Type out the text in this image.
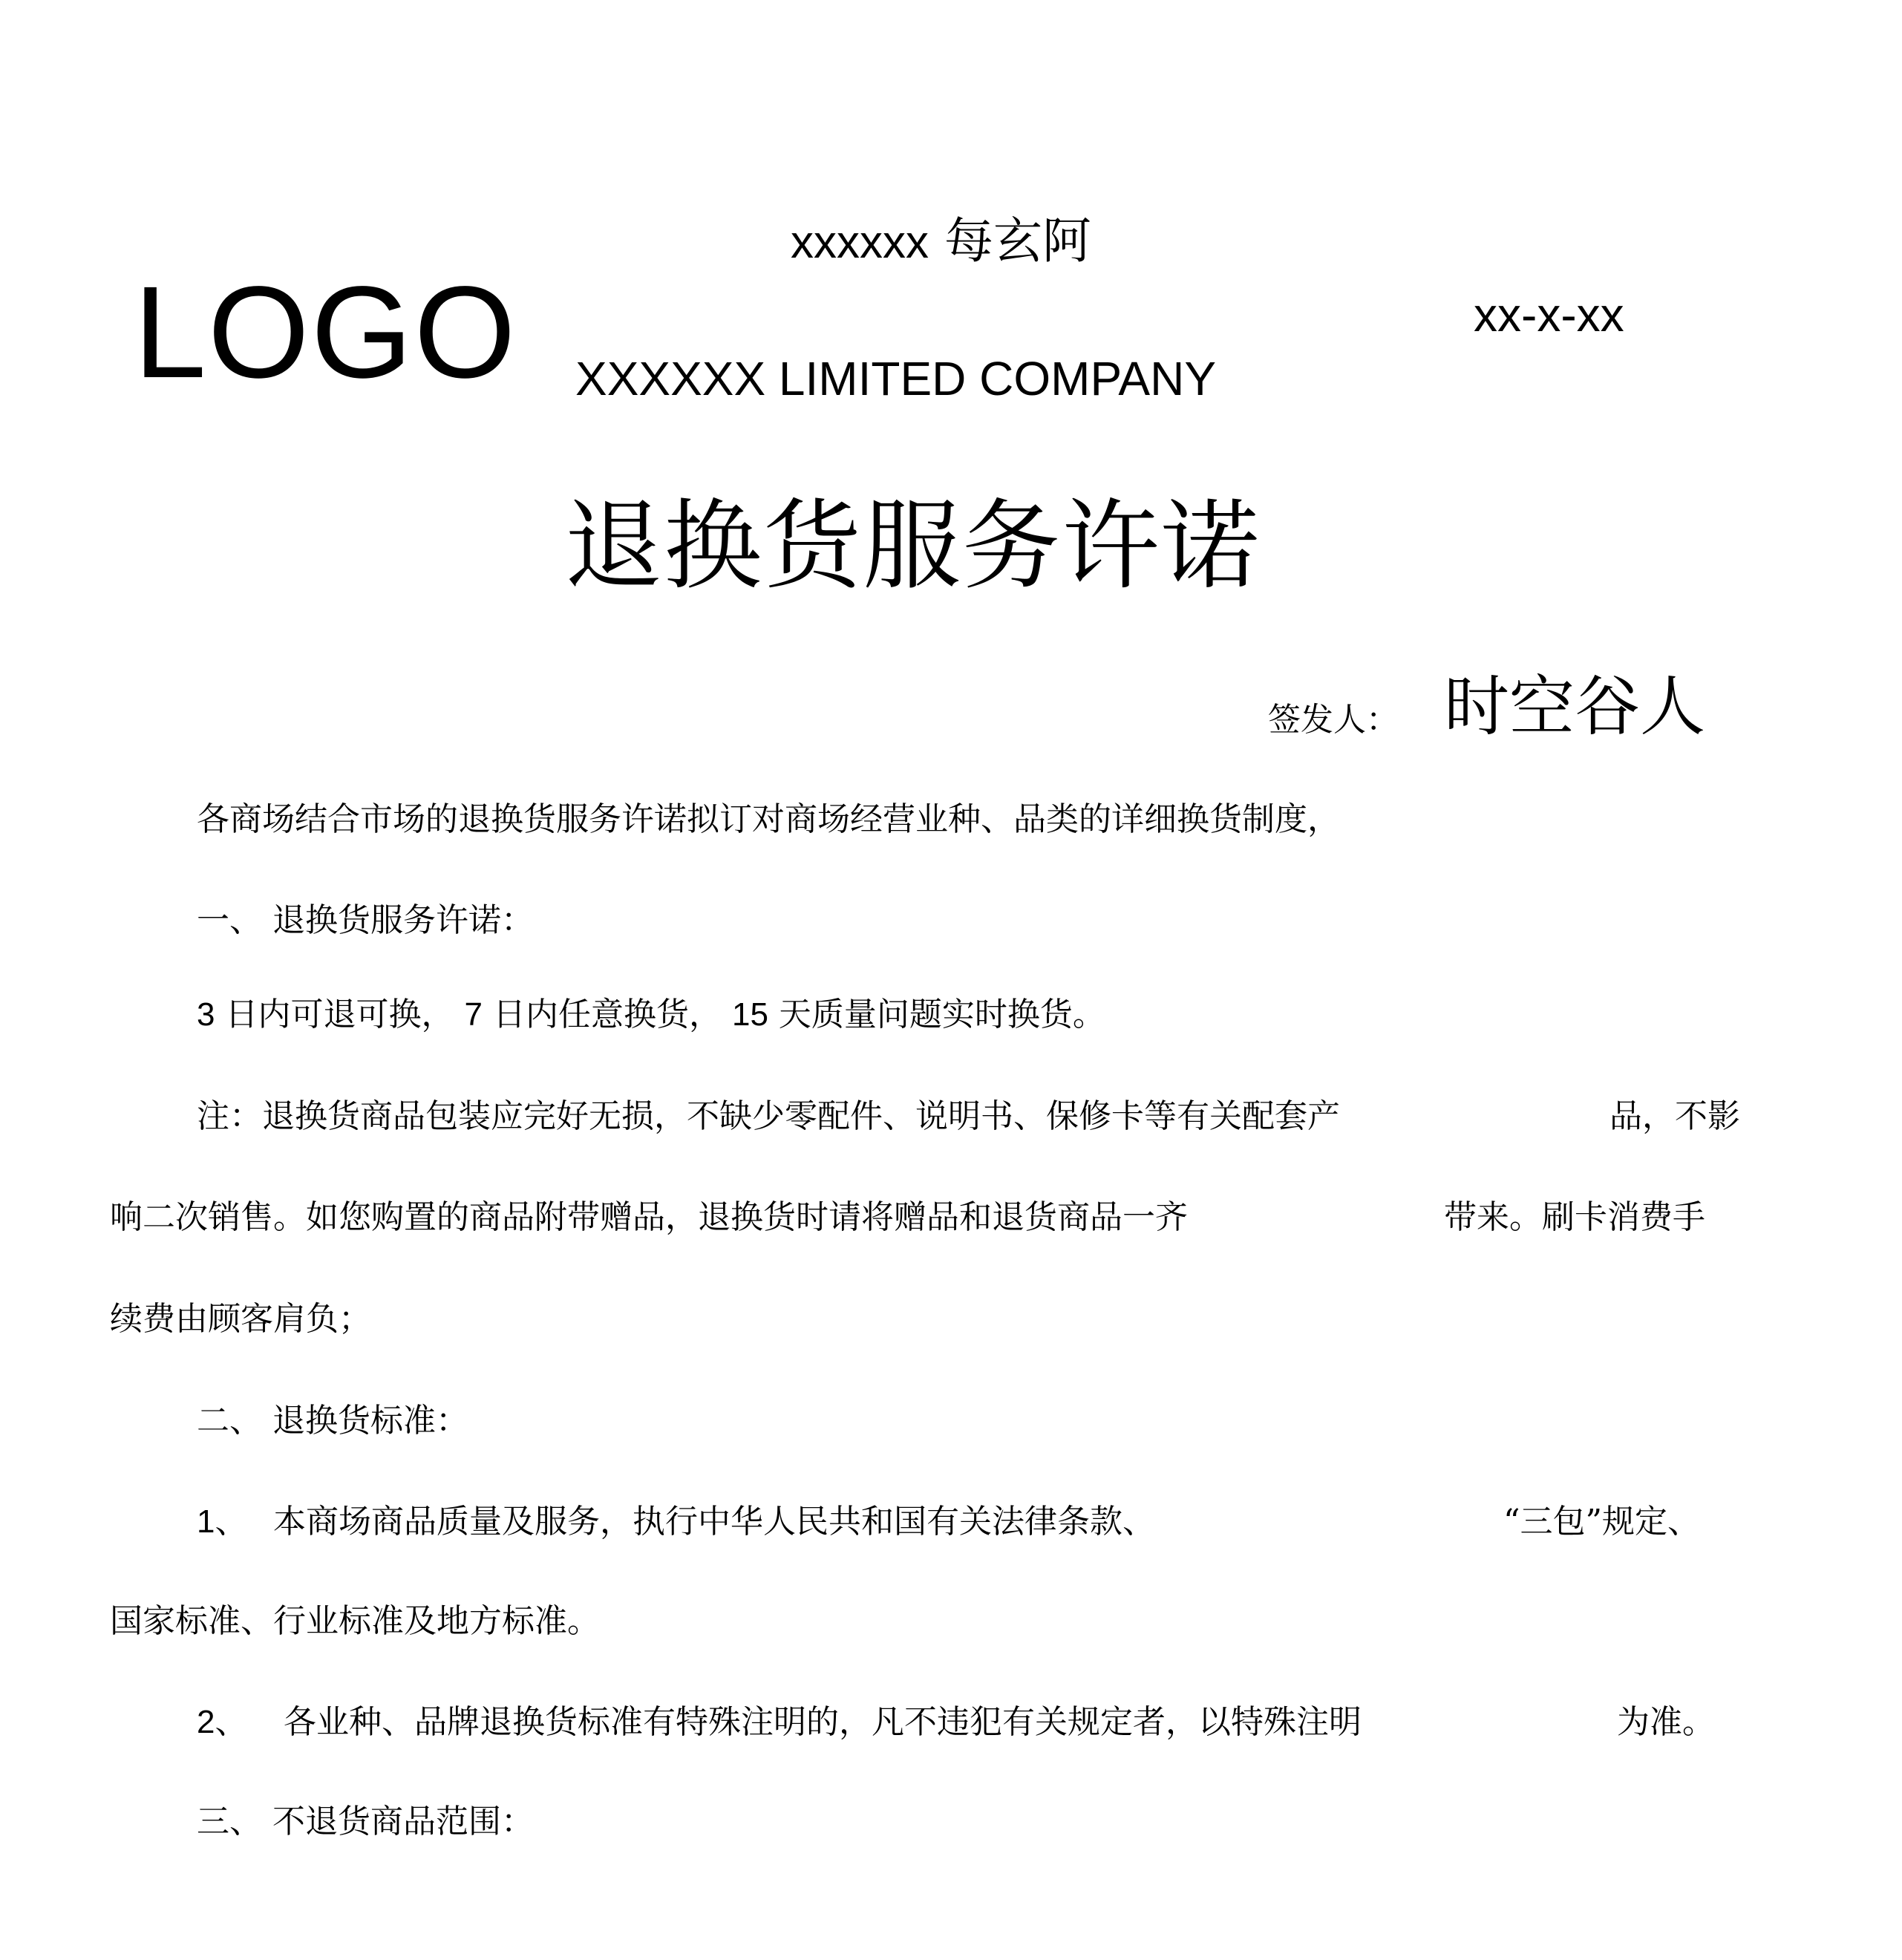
LOGO
xxxxxx 每玄阿
XXXXXX LIMITED COMPANY
xx-x-xx
退换货服务许诺
签发人： 时空谷人
各商场结合市场的退换货服务许诺拟订对商场经营业种、品类的详细换货制度，
一、 退换货服务许诺：
3 日内可退可换， 7 日内任意换货， 15 天质量问题实时换货。
注：退换货商品包装应完好无损，不缺少零配件、说明书、保修卡等有关配套产	品，不影
响二次销售。如您购置的商品附带赠品，退换货时请将赠品和退货商品一齐	带来。刷卡消费手
续费由顾客肩负；
二、 退换货标准：
1、 本商场商品质量及服务，执行中华人民共和国有关法律条款、	“三包”规定、
国家标准、行业标准及地方标准。
2、 各业种、品牌退换货标准有特殊注明的，凡不违犯有关规定者，以特殊注明	为准。
三、 不退货商品范围：
